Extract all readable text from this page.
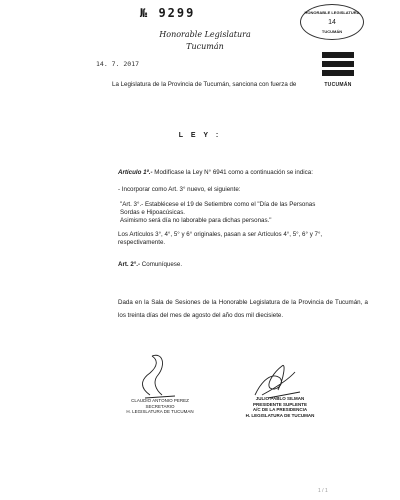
№ 9299
Honorable Legislatura
Tucumán
14. 7. 2017
HONORABLE LEGISLATURA
14
TUCUMÁN
TUCUMÁN
La Legislatura de la Provincia de Tucumán, sanciona con fuerza de
L E Y :
Artículo 1º.- Modifícase la Ley N° 6941 como a continuación se indica:
- Incorporar como Art. 3° nuevo, el siguiente:
"Art. 3°.- Establécese el 19 de Setiembre como el "Día de las Personas
Sordas e Hipoacúsicas.
Asimismo será día no laborable para dichas personas."
Los Artículos 3°, 4°, 5° y 6° originales, pasan a ser Artículos 4°, 5°, 6° y 7°,
respectivamente.
Art. 2°.- Comuníquese.
Dada en la Sala de Sesiones de la Honorable Legislatura de la Provincia de Tucumán, a los treinta días del mes de agosto del año dos mil diecisiete.
CLAUDIO ANTONIO PEREZ
SECRETARIO
H. LEGISLATURA DE TUCUMAN
JULIO PABLO SILMAN
PRESIDENTE SUPLENTE
A/C DE LA PRESIDENCIA
H. LEGISLATURA DE TUCUMAN
1 / 1
